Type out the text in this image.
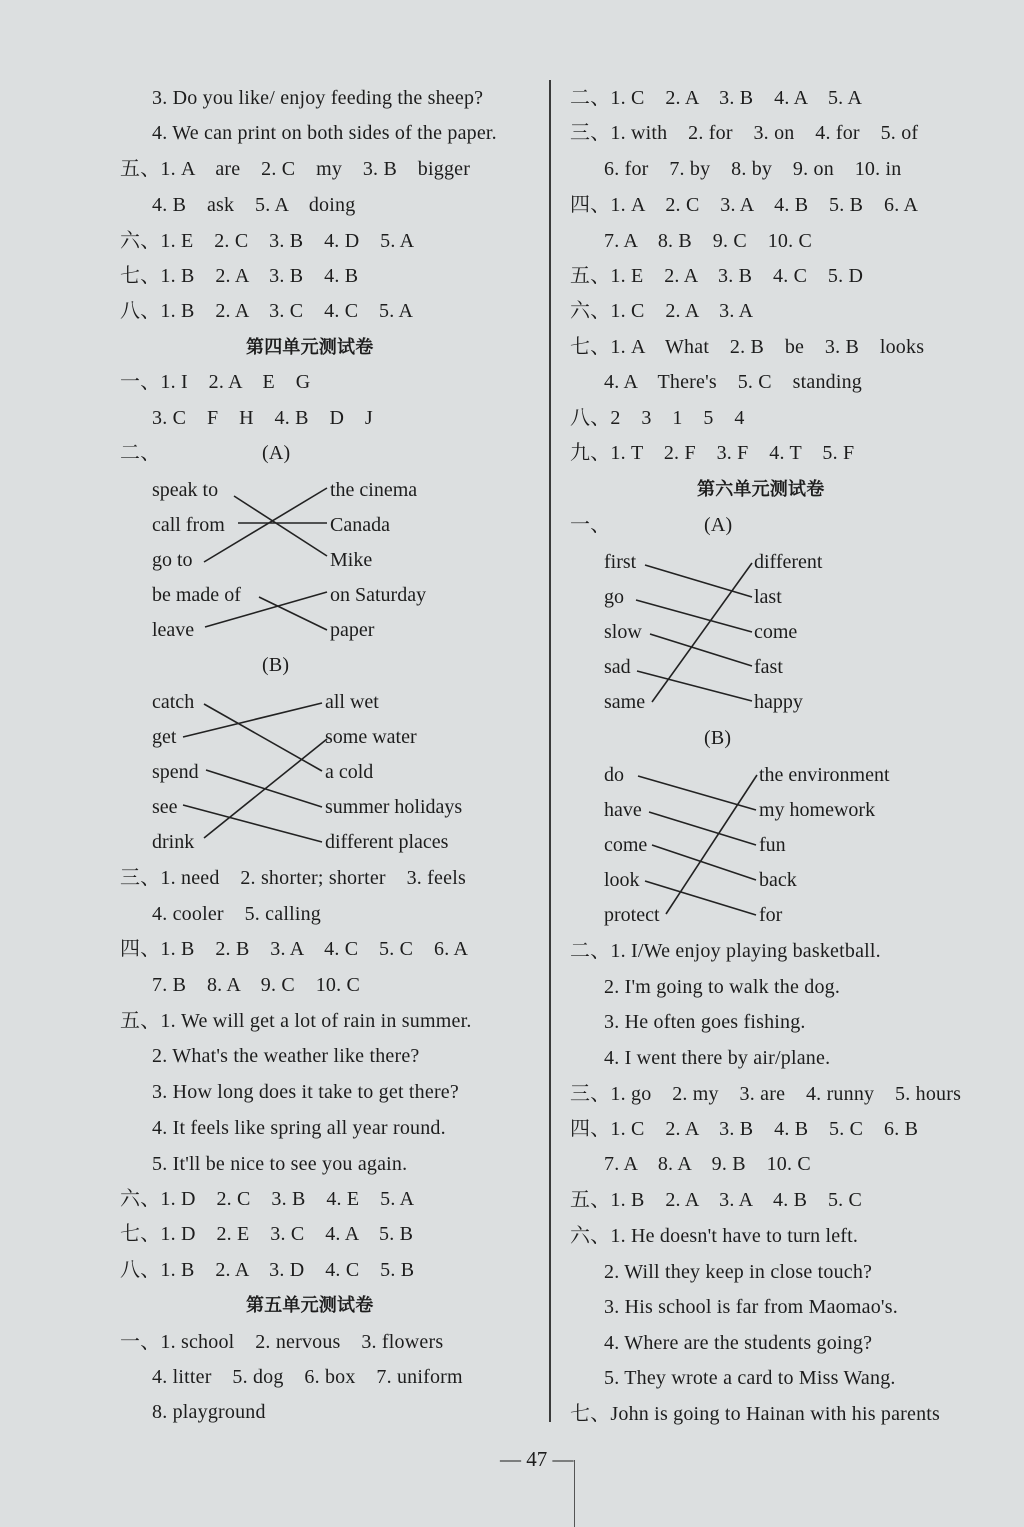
3. Do you like/ enjoy feeding the sheep?
4. We can print on both sides of the paper.
五、1. A    are    2. C    my    3. B    bigger
4. B    ask    5. A    doing
六、1. E    2. C    3. B    4. D    5. A
七、1. B    2. A    3. B    4. B
八、1. B    2. A    3. C    4. C    5. A
第四单元测试卷
一、1. I    2. A    E    G
3. C    F    H    4. B    D    J
二、	(A)
speak to
call from
go to
be made of
leave
the cinema
Canada
Mike
on Saturday
paper
(B)
catch
get
spend
see
drink
all wet
some water
a cold
summer holidays
different places
三、1. need    2. shorter; shorter    3. feels
4. cooler    5. calling
四、1. B    2. B    3. A    4. C    5. C    6. A
7. B    8. A    9. C    10. C
五、1. We will get a lot of rain in summer.
2. What's the weather like there?
3. How long does it take to get there?
4. It feels like spring all year round.
5. It'll be nice to see you again.
六、1. D    2. C    3. B    4. E    5. A
七、1. D    2. E    3. C    4. A    5. B
八、1. B    2. A    3. D    4. C    5. B
第五单元测试卷
一、1. school    2. nervous    3. flowers
4. litter    5. dog    6. box    7. uniform
8. playground
二、1. C    2. A    3. B    4. A    5. A
三、1. with    2. for    3. on    4. for    5. of
6. for    7. by    8. by    9. on    10. in
四、1. A    2. C    3. A    4. B    5. B    6. A
7. A    8. B    9. C    10. C
五、1. E    2. A    3. B    4. C    5. D
六、1. C    2. A    3. A
七、1. A    What    2. B    be    3. B    looks
4. A    There's    5. C    standing
八、2    3    1    5    4
九、1. T    2. F    3. F    4. T    5. F
第六单元测试卷
一、	(A)
first
go
slow
sad
same
different
last
come
fast
happy
(B)
do
have
come
look
protect
the environment
my homework
fun
back
for
二、1. I/We enjoy playing basketball.
2. I'm going to walk the dog.
3. He often goes fishing.
4. I went there by air/plane.
三、1. go    2. my    3. are    4. runny    5. hours
四、1. C    2. A    3. B    4. B    5. C    6. B
7. A    8. A    9. B    10. C
五、1. B    2. A    3. A    4. B    5. C
六、1. He doesn't have to turn left.
2. Will they keep in close touch?
3. His school is far from Maomao's.
4. Where are the students going?
5. They wrote a card to Miss Wang.
七、John is going to Hainan with his parents
— 47 —
